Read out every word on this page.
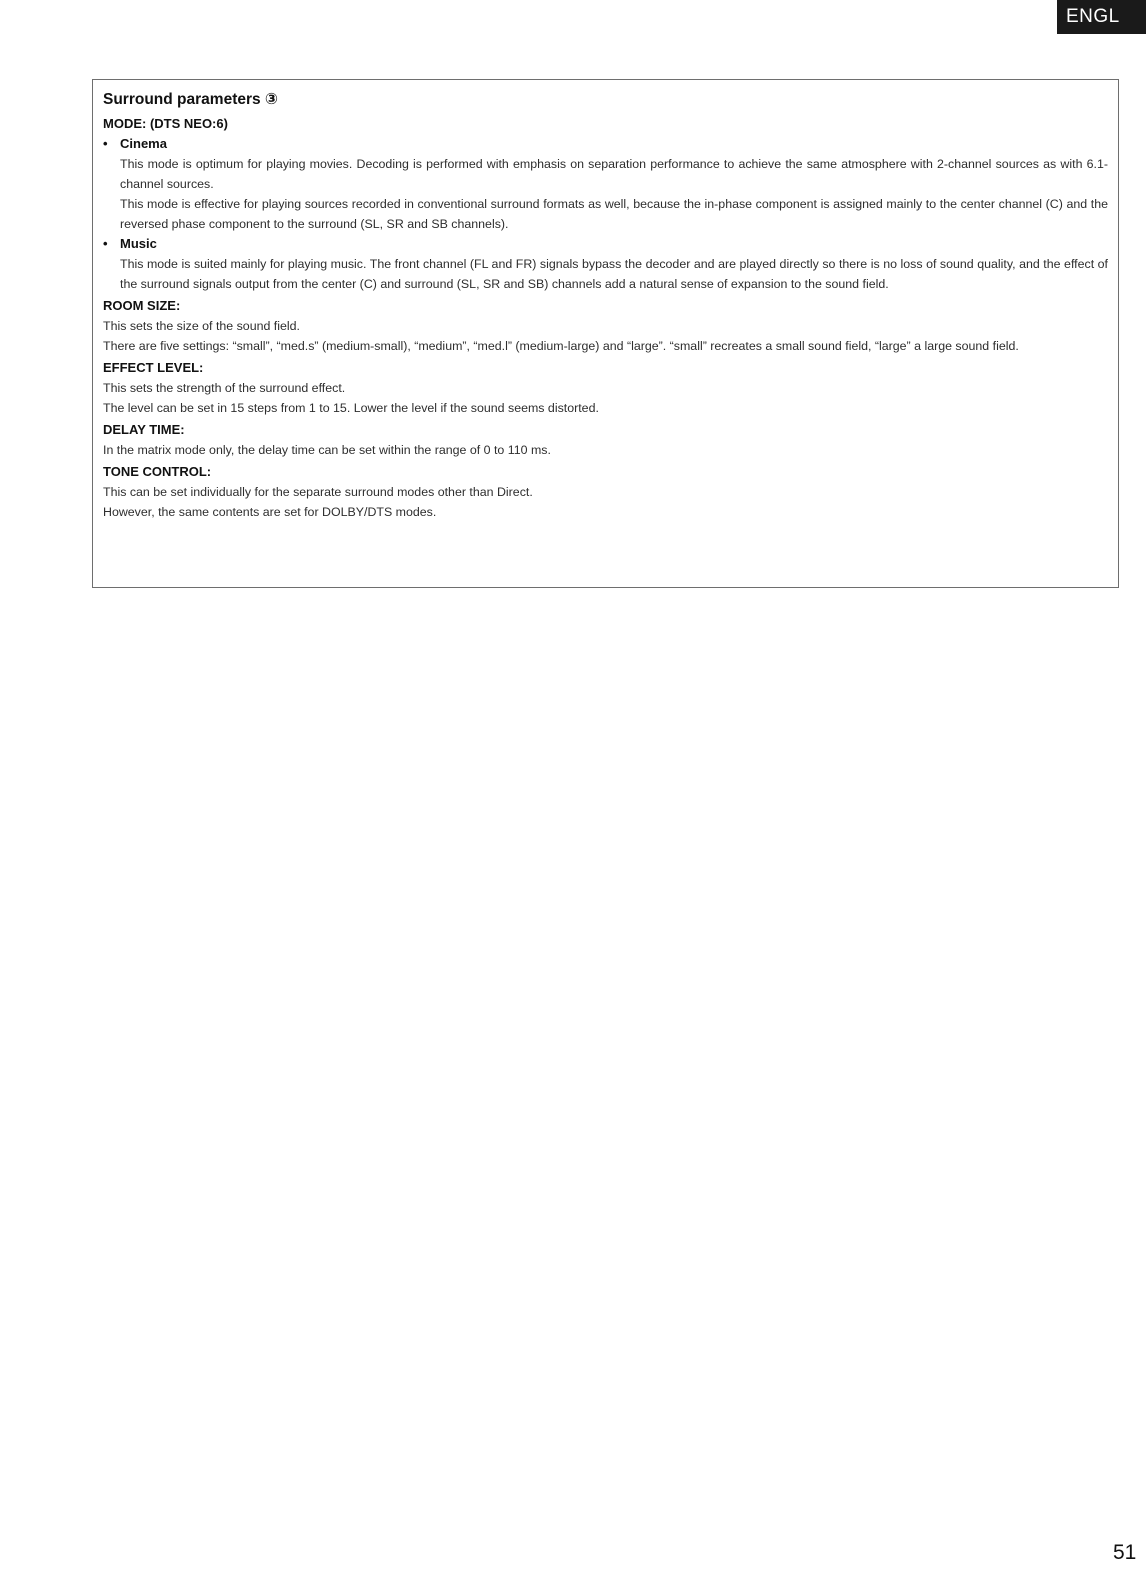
ENGL
Surround parameters ③
MODE: (DTS NEO:6)
• Cinema

This mode is optimum for playing movies. Decoding is performed with emphasis on separation performance to achieve the same atmosphere with 2-channel sources as with 6.1-channel sources.

This mode is effective for playing sources recorded in conventional surround formats as well, because the in-phase component is assigned mainly to the center channel (C) and the reversed phase component to the surround (SL, SR and SB channels).

• Music

This mode is suited mainly for playing music. The front channel (FL and FR) signals bypass the decoder and are played directly so there is no loss of sound quality, and the effect of the surround signals output from the center (C) and surround (SL, SR and SB) channels add a natural sense of expansion to the sound field.

ROOM SIZE:

This sets the size of the sound field.

There are five settings: “small”, “med.s” (medium-small), “medium”, “med.l” (medium-large) and “large”. “small” recreates a small sound field, “large” a large sound field.

EFFECT LEVEL:

This sets the strength of the surround effect.

The level can be set in 15 steps from 1 to 15. Lower the level if the sound seems distorted.

DELAY TIME:

In the matrix mode only, the delay time can be set within the range of 0 to 110 ms.

TONE CONTROL:

This can be set individually for the separate surround modes other than Direct.

However, the same contents are set for DOLBY/DTS modes.

51
